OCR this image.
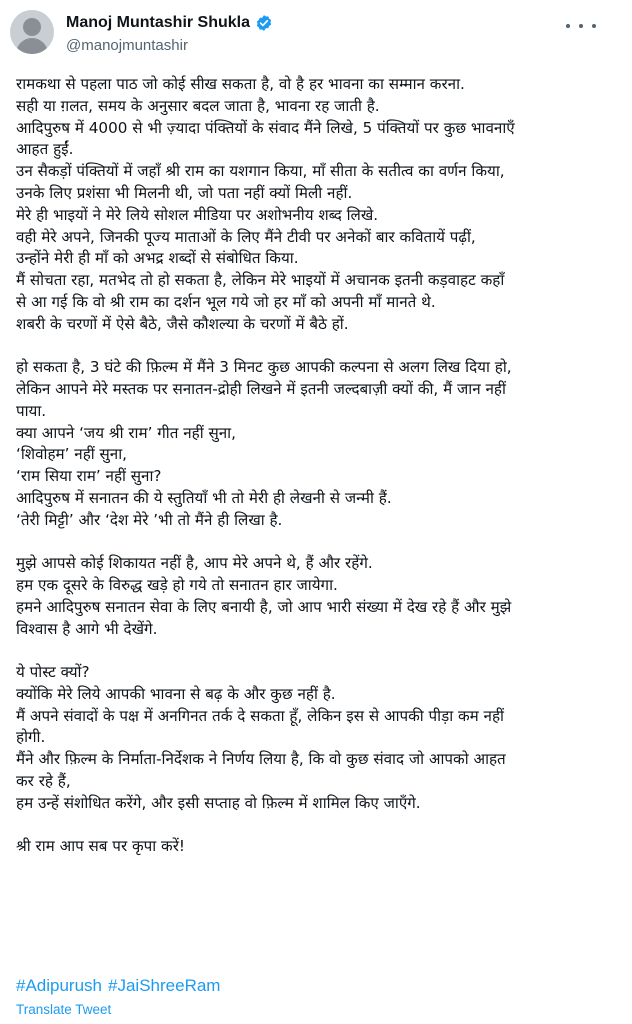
Manoj Muntashir Shukla
@manojmuntashir
रामकथा से पहला पाठ जो कोई सीख सकता है, वो है हर भावना का सम्मान करना.
सही या ग़लत, समय के अनुसार बदल जाता है, भावना रह जाती है.
आदिपुरुष में 4000 से भी ज़्यादा पंक्तियों के संवाद मैंने लिखे, 5 पंक्तियों पर कुछ भावनाएँ
आहत हुईं.
उन सैकड़ों पंक्तियों में जहाँ श्री राम का यशगान किया, माँ सीता के सतीत्व का वर्णन किया,
उनके लिए प्रशंसा भी मिलनी थी, जो पता नहीं क्यों मिली नहीं.
मेरे ही भाइयों ने मेरे लिये सोशल मीडिया पर अशोभनीय शब्द लिखे.
वही मेरे अपने, जिनकी पूज्य माताओं के लिए मैंने टीवी पर अनेकों बार कवितायें पढ़ीं,
उन्होंने मेरी ही माँ को अभद्र शब्दों से संबोधित किया.
मैं सोचता रहा, मतभेद तो हो सकता है, लेकिन मेरे भाइयों में अचानक इतनी कड़वाहट कहाँ
से आ गई कि वो श्री राम का दर्शन भूल गये जो हर माँ को अपनी माँ मानते थे.
शबरी के चरणों में ऐसे बैठे, जैसे कौशल्या के चरणों में बैठे हों.
हो सकता है, 3 घंटे की फ़िल्म में मैंने 3 मिनट कुछ आपकी कल्पना से अलग लिख दिया हो,
लेकिन आपने मेरे मस्तक पर सनातन-द्रोही लिखने में इतनी जल्दबाज़ी क्यों की, मैं जान नहीं
पाया.
क्या आपने ‘जय श्री राम’ गीत नहीं सुना,
‘शिवोहम’ नहीं सुना,
‘राम सिया राम’ नहीं सुना?
आदिपुरुष में सनातन की ये स्तुतियाँ भी तो मेरी ही लेखनी से जन्मी हैं.
‘तेरी मिट्टी’ और ‘देश मेरे ’भी तो मैंने ही लिखा है.
मुझे आपसे कोई शिकायत नहीं है, आप मेरे अपने थे, हैं और रहेंगे.
हम एक दूसरे के विरुद्ध खड़े हो गये तो सनातन हार जायेगा.
हमने आदिपुरुष सनातन सेवा के लिए बनायी है, जो आप भारी संख्या में देख रहे हैं और मुझे
विश्वास है आगे भी देखेंगे.
ये पोस्ट क्यों?
क्योंकि मेरे लिये आपकी भावना से बढ़ के और कुछ नहीं है.
मैं अपने संवादों के पक्ष में अनगिनत तर्क दे सकता हूँ, लेकिन इस से आपकी पीड़ा कम नहीं
होगी.
मैंने और फ़िल्म के निर्माता-निर्देशक ने निर्णय लिया है, कि वो कुछ संवाद जो आपको आहत
कर रहे हैं,
हम उन्हें संशोधित करेंगे, और इसी सप्ताह वो फ़िल्म में शामिल किए जाएँगे.
श्री राम आप सब पर कृपा करें!
#Adipurush #JaiShreeRam
Translate Tweet
